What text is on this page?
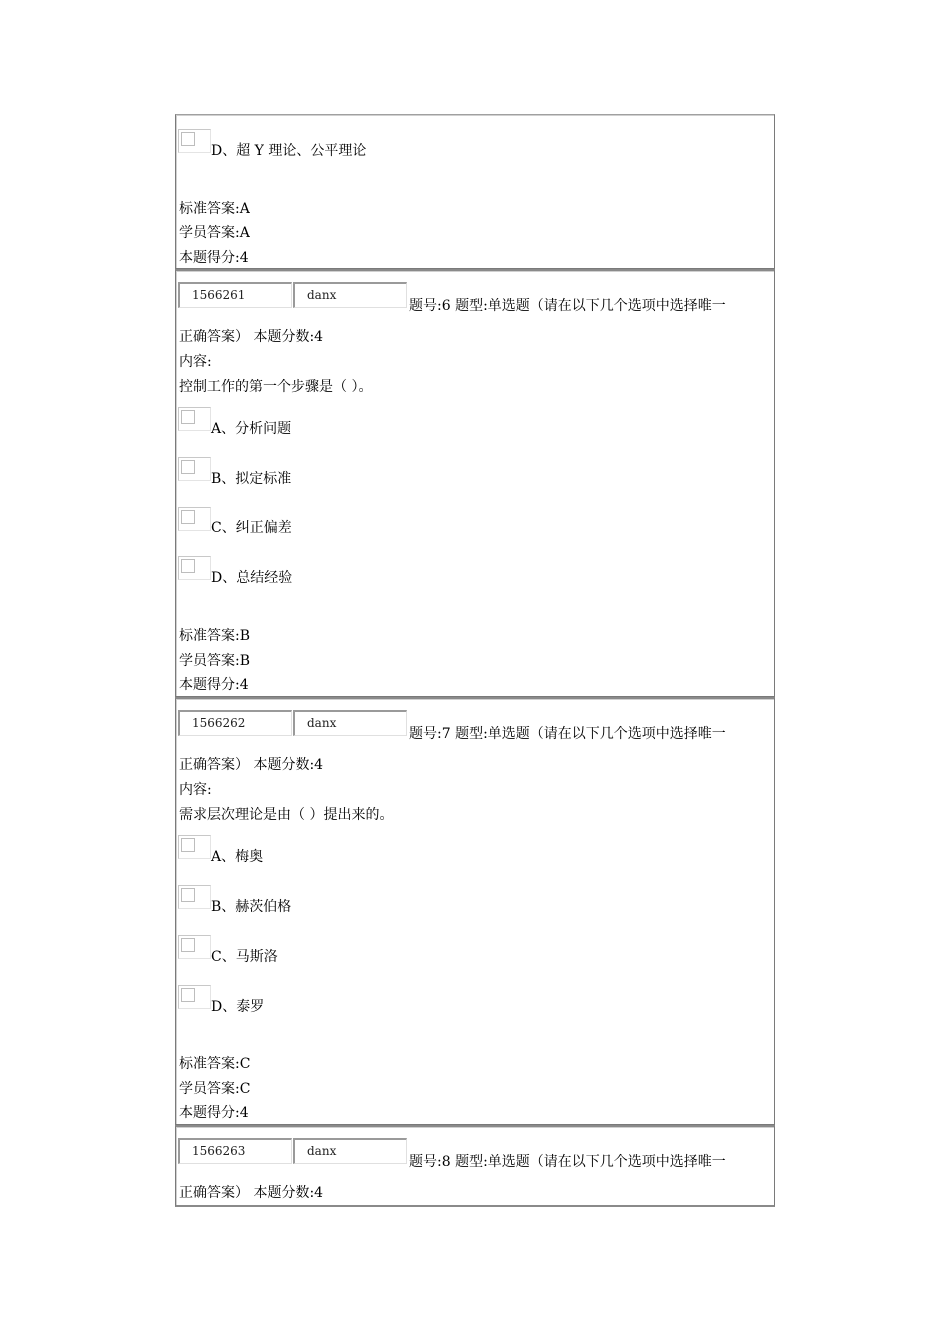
D、超 Y 理论、公平理论
标准答案:A
学员答案:A
本题得分:4
1566261	danx
题号:6 题型:单选题（请在以下几个选项中选择唯一
正确答案） 本题分数:4
内容:
控制工作的第一个步骤是（ ）。
A、分析问题
B、拟定标准
C、纠正偏差
D、总结经验
标准答案:B
学员答案:B
本题得分:4
1566262	danx
题号:7 题型:单选题（请在以下几个选项中选择唯一
正确答案） 本题分数:4
内容:
需求层次理论是由（ ）提出来的。
A、梅奥
B、赫茨伯格
C、马斯洛
D、泰罗
标准答案:C
学员答案:C
本题得分:4
1566263	danx
题号:8 题型:单选题（请在以下几个选项中选择唯一
正确答案） 本题分数:4
